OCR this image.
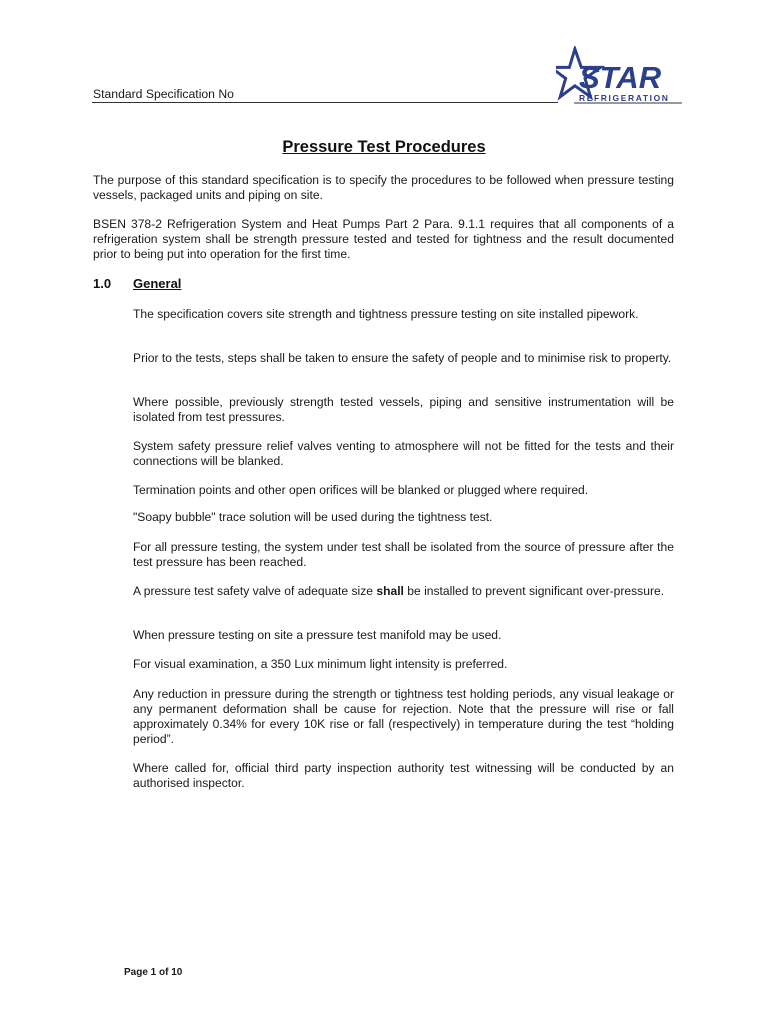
Standard Specification No	STAR
REFRIGERATION
Pressure Test Procedures
The purpose of this standard specification is to specify the procedures to be followed when pressure testing vessels, packaged units and piping on site.
BSEN 378-2 Refrigeration System and Heat Pumps Part 2 Para. 9.1.1 requires that all components of a refrigeration system shall be strength pressure tested and tested for tightness and the result documented prior to being put into operation for the first time.
1.0 General
The specification covers site strength and tightness pressure testing on site installed pipework.
Prior to the tests, steps shall be taken to ensure the safety of people and to minimise risk to property.
Where possible, previously strength tested vessels, piping and sensitive instrumentation will be isolated from test pressures.
System safety pressure relief valves venting to atmosphere will not be fitted for the tests and their connections will be blanked.
Termination points and other open orifices will be blanked or plugged where required.
"Soapy bubble" trace solution will be used during the tightness test.
For all pressure testing, the system under test shall be isolated from the source of pressure after the test pressure has been reached.
A pressure test safety valve of adequate size shall be installed to prevent significant over-pressure.
When pressure testing on site a pressure test manifold may be used.
For visual examination, a 350 Lux minimum light intensity is preferred.
Any reduction in pressure during the strength or tightness test holding periods, any visual leakage or any permanent deformation shall be cause for rejection. Note that the pressure will rise or fall approximately 0.34% for every 10K rise or fall (respectively) in temperature during the test “holding period”.
Where called for, official third party inspection authority test witnessing will be conducted by an authorised inspector.
Page 1 of 10
